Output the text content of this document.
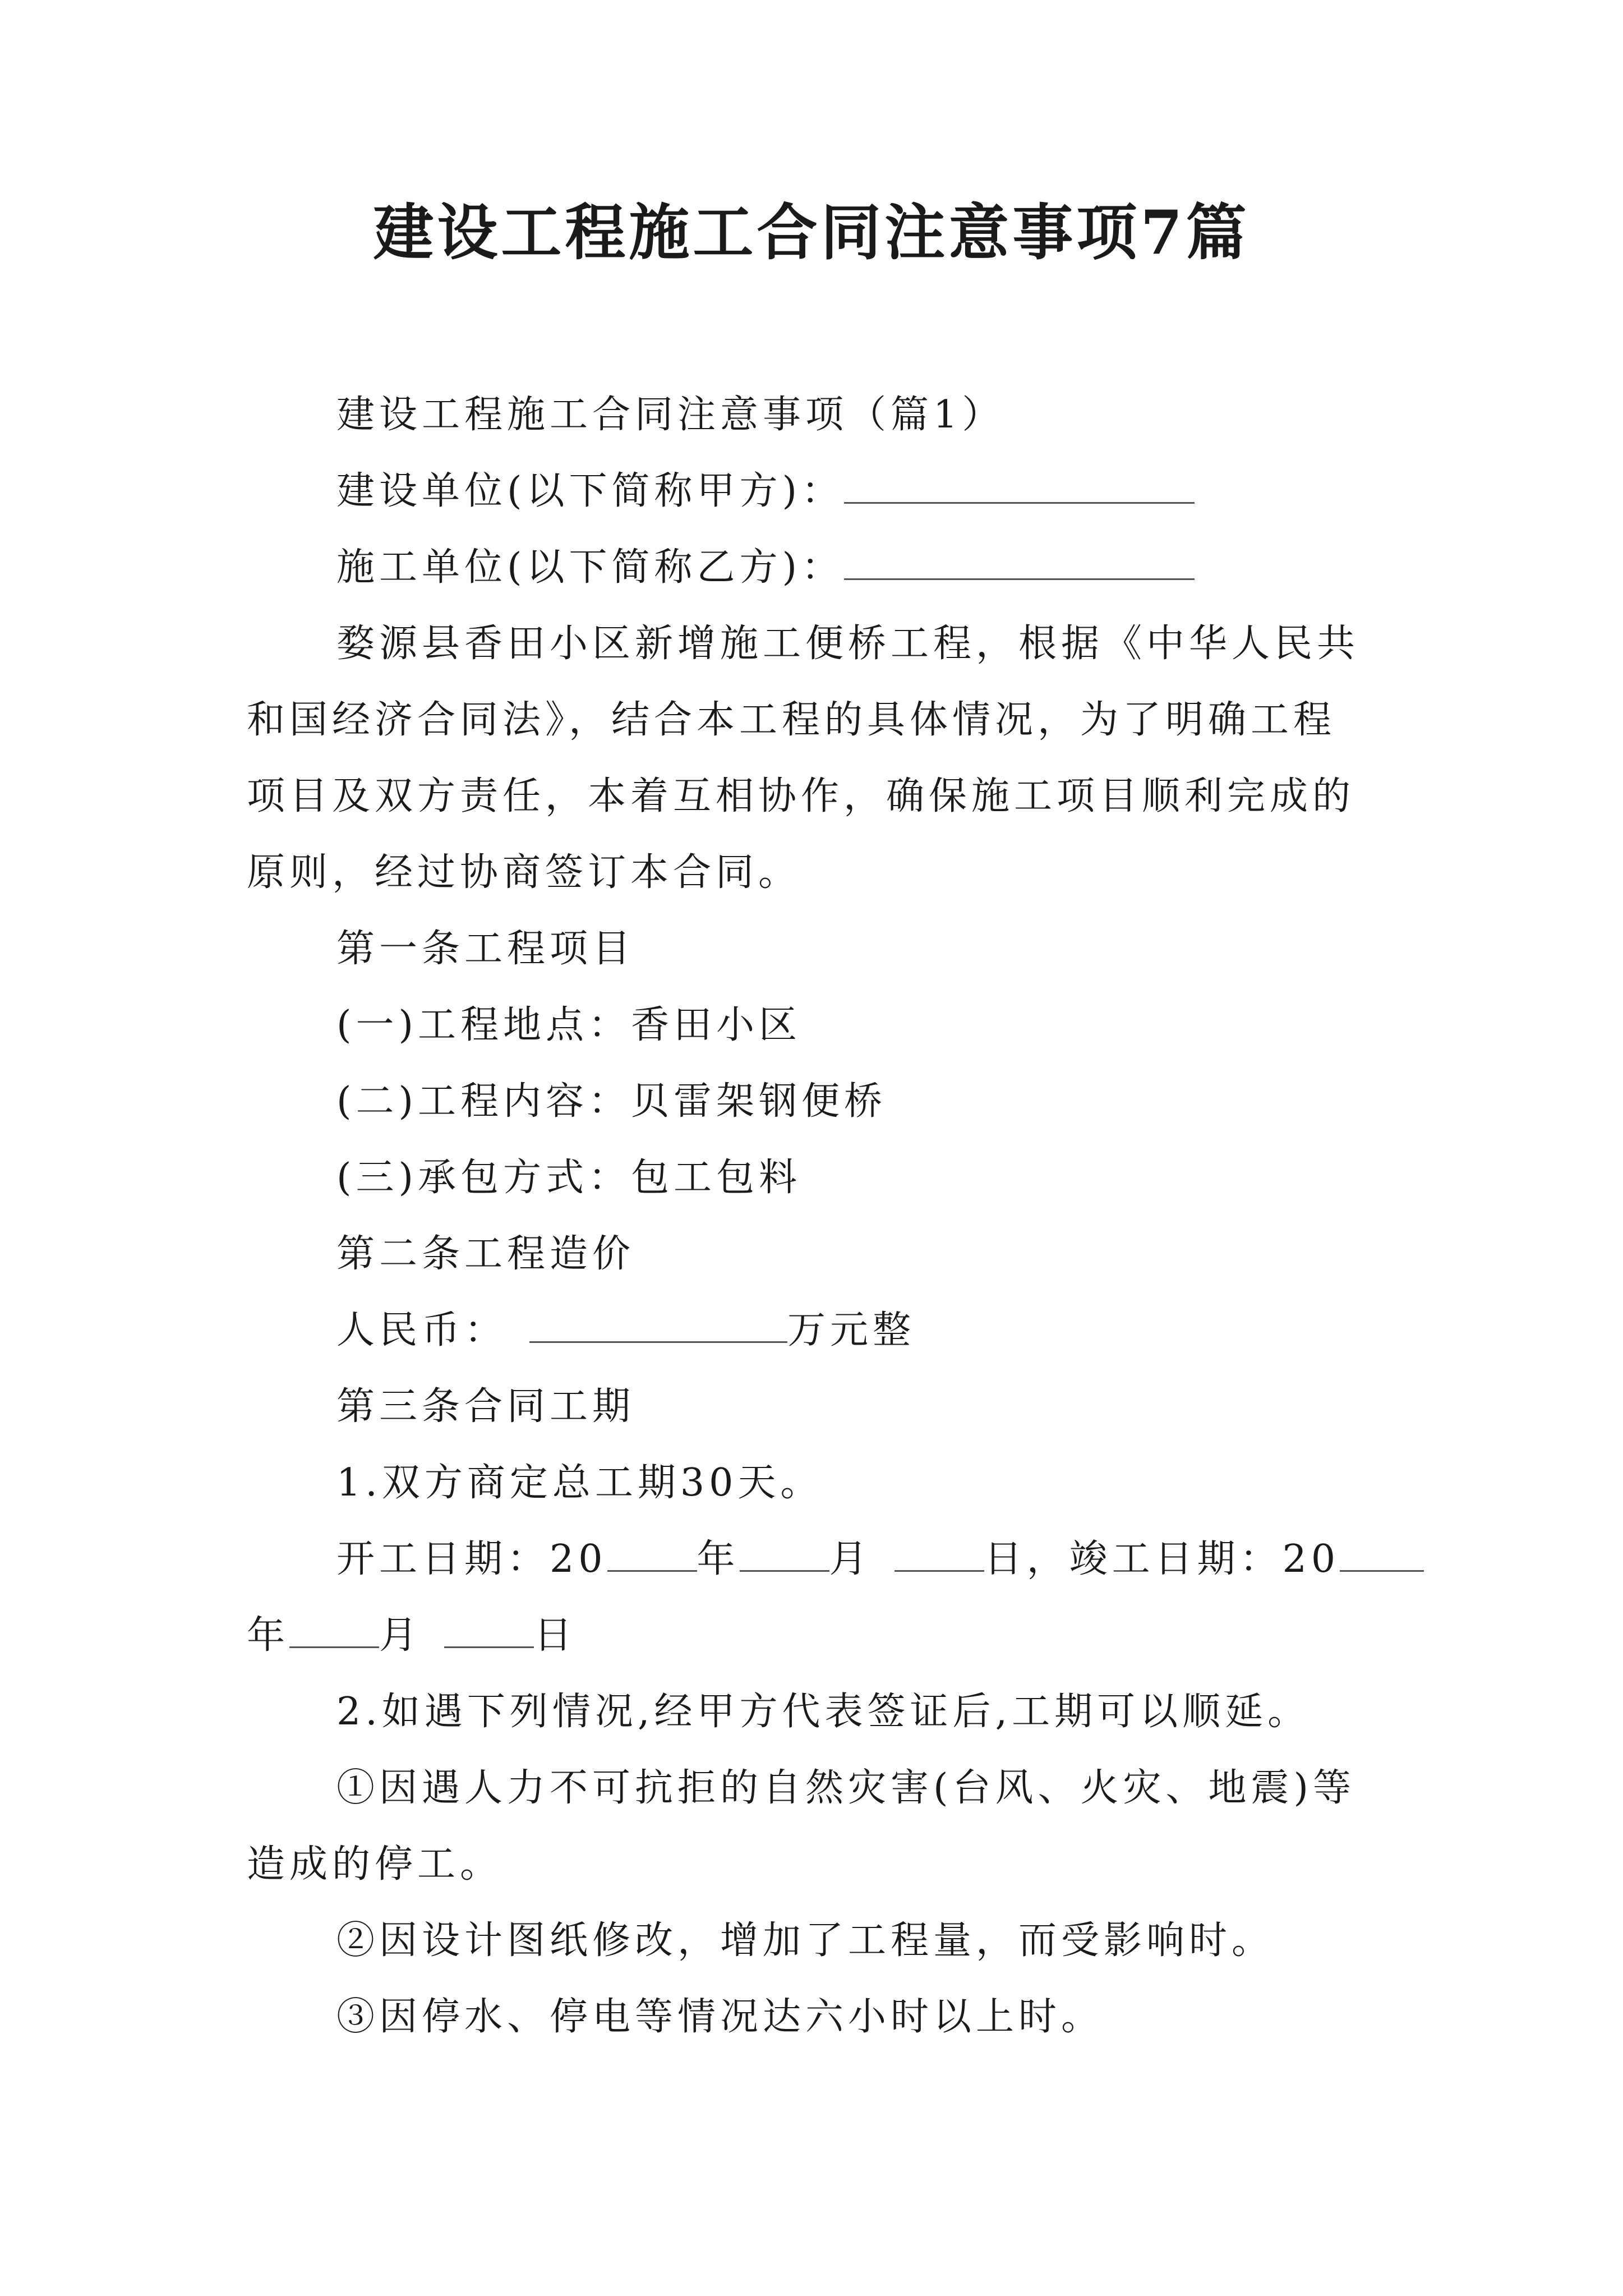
建设工程施工合同注意事项7篇
建设工程施工合同注意事项（篇1）
建设单位(以下简称甲方)：
施工单位(以下简称乙方)：
婺源县香田小区新增施工便桥工程，根据《中华人民共
和国经济合同法》，结合本工程的具体情况，为了明确工程
项目及双方责任，本着互相协作，确保施工项目顺利完成的
原则，经过协商签订本合同。
第一条工程项目
(一)工程地点：香田小区
(二)工程内容：贝雷架钢便桥
(三)承包方式：包工包料
第二条工程造价
人民币：	万元整
第三条合同工期
1.双方商定总工期30天。
开工日期：20 年 月	日，竣工日期：20
年 月	日
2.如遇下列情况,经甲方代表签证后,工期可以顺延。
①因遇人力不可抗拒的自然灾害(台风、火灾、地震)等
造成的停工。
②因设计图纸修改，增加了工程量，而受影响时。
③因停水、停电等情况达六小时以上时。
